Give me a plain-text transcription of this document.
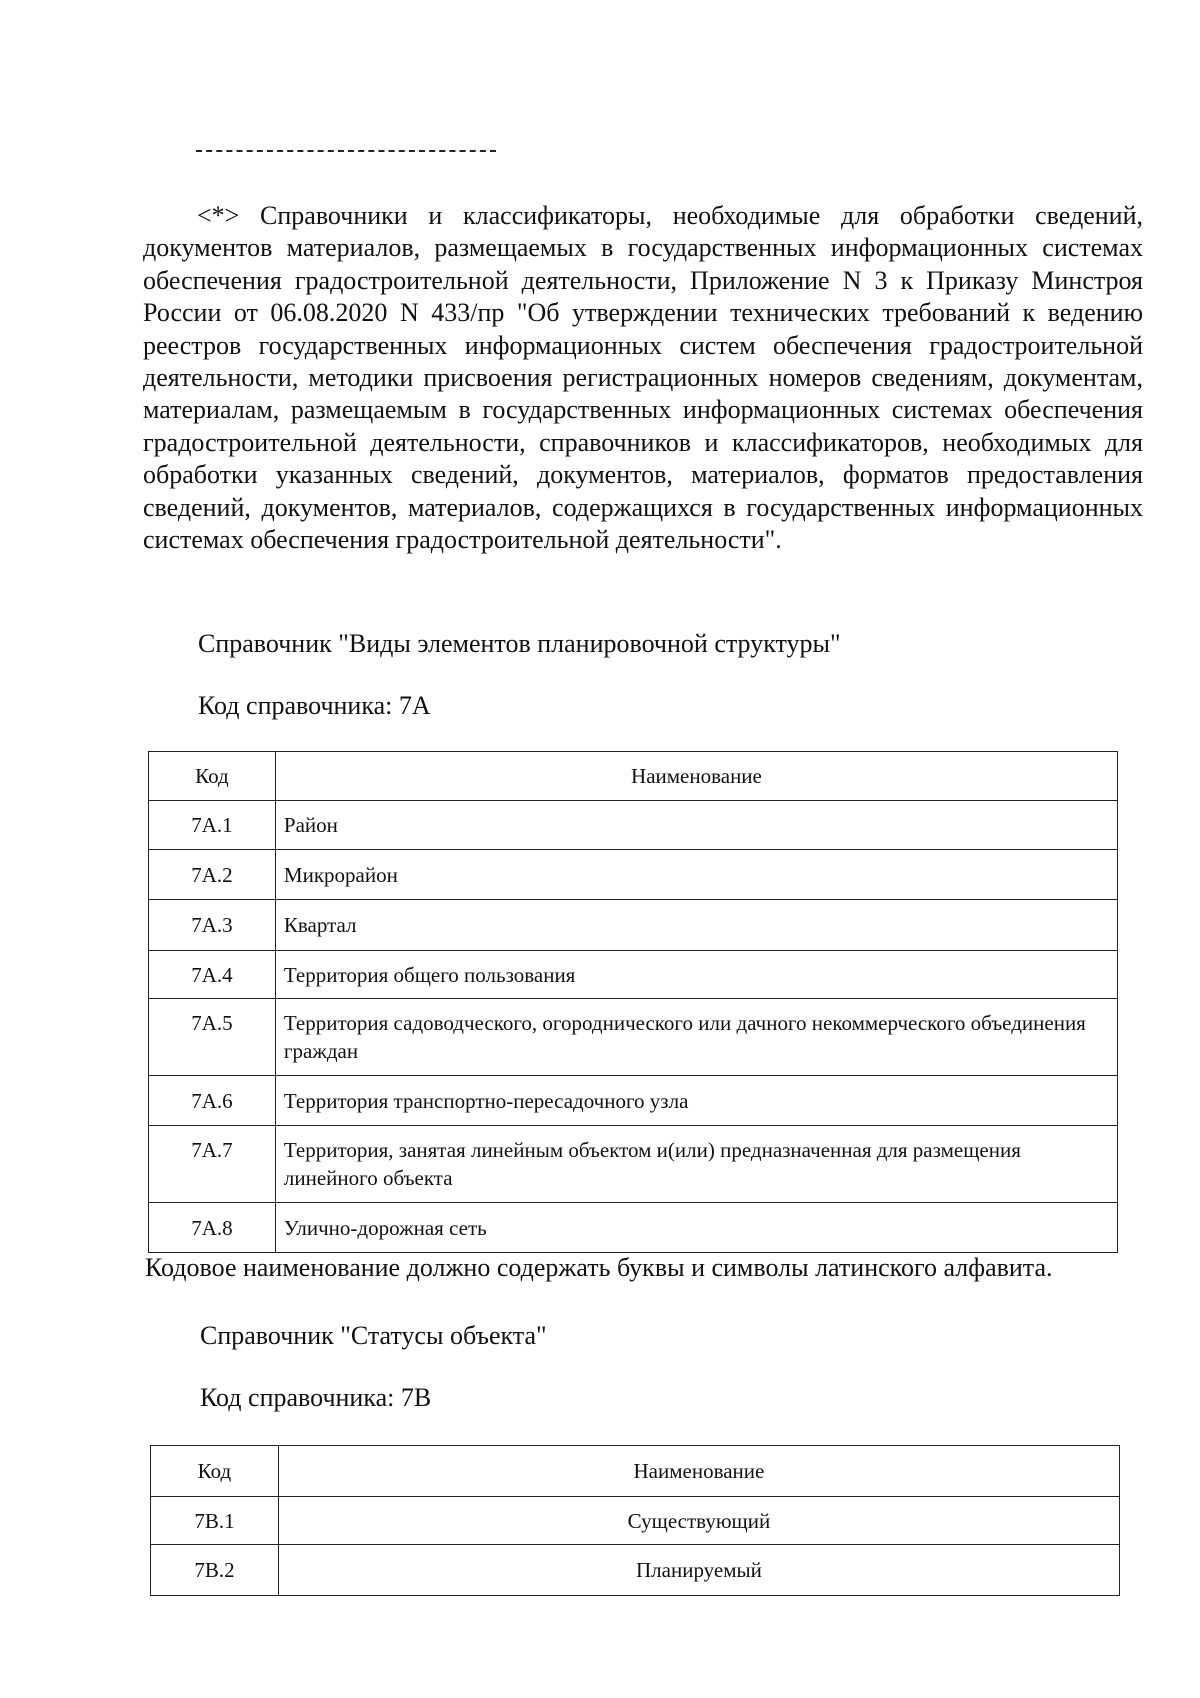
<*> Справочники и классификаторы, необходимые для обработки сведений, документов материалов, размещаемых в государственных информационных системах обеспечения градостроительной деятельности, Приложение N 3 к Приказу Минстроя России от 06.08.2020 N 433/пр "Об утверждении технических требований к ведению реестров государственных информационных систем обеспечения градостроительной деятельности, методики присвоения регистрационных номеров сведениям, документам, материалам, размещаемым в государственных информационных системах обеспечения градостроительной деятельности, справочников и классификаторов, необходимых для обработки указанных сведений, документов, материалов, форматов предоставления сведений, документов, материалов, содержащихся в государственных информационных системах обеспечения градостроительной деятельности".

Справочник "Виды элементов планировочной структуры"

Код справочника: 7А

Код	Наименование
7А.1	Район
7А.2	Микрорайон
7А.3	Квартал
7А.4	Территория общего пользования
7А.5	Территория садоводческого, огороднического или дачного некоммерческого объединения граждан
7А.6	Территория транспортно-пересадочного узла
7А.7	Территория, занятая линейным объектом и(или) предназначенная для размещения линейного объекта
7А.8	Улично-дорожная сеть

Кодовое наименование должно содержать буквы и символы латинского алфавита.

Справочник "Статусы объекта"

Код справочника: 7В

Код	Наименование
7В.1	Существующий
7В.2	Планируемый
